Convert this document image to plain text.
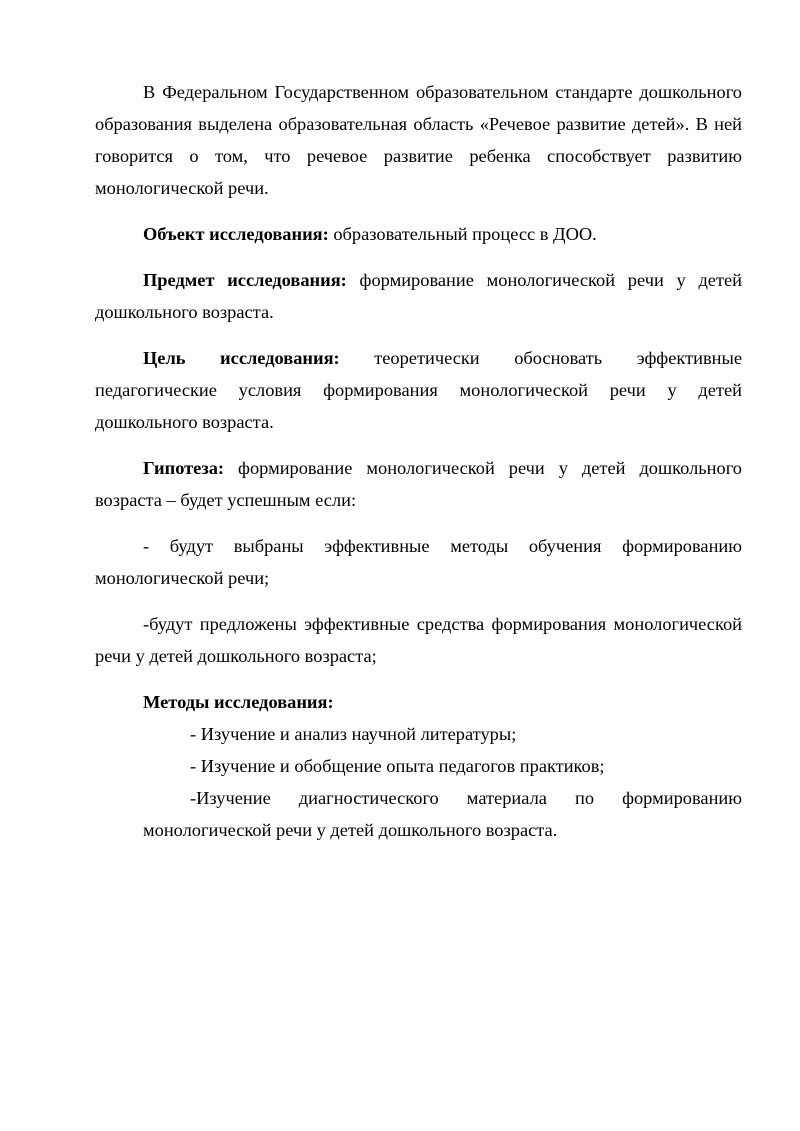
В Федеральном Государственном образовательном стандарте дошкольного образования выделена образовательная область «Речевое развитие детей». В ней говорится о том, что речевое развитие ребенка способствует развитию монологической речи.

Объект исследования: образовательный процесс в ДОО.

Предмет исследования: формирование монологической речи у детей дошкольного возраста.

Цель исследования: теоретически обосновать эффективные педагогические условия формирования монологической речи у детей дошкольного возраста.

Гипотеза: формирование монологической речи у детей дошкольного возраста – будет успешным если:

- будут выбраны эффективные методы обучения формированию монологической речи;

-будут предложены эффективные средства формирования монологической речи у детей дошкольного возраста;

Методы исследования:

- Изучение и анализ научной литературы;

- Изучение и обобщение опыта педагогов практиков;

-Изучение диагностического материала по формированию монологической речи у детей дошкольного возраста.
